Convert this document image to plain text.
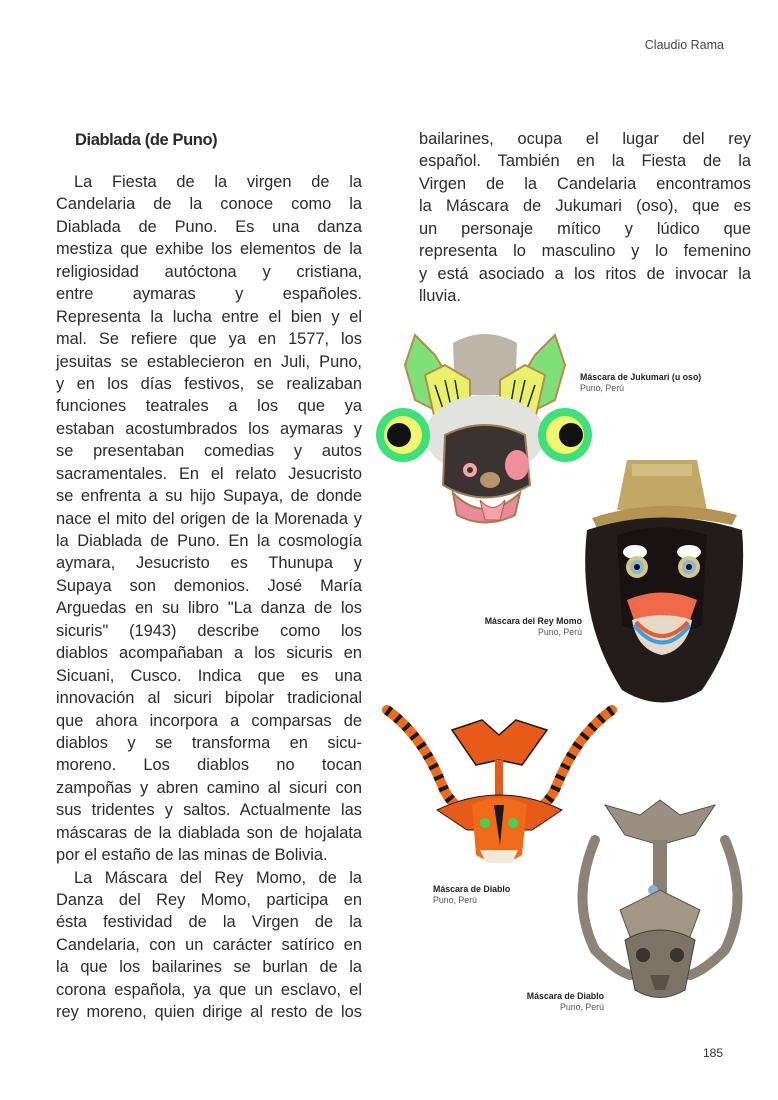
Claudio Rama
Diablada (de Puno)
La Fiesta de la virgen de la
Candelaria de la conoce como la
Diablada de Puno. Es una danza
mestiza que exhibe los elementos de la
religiosidad autóctona y cristiana,
entre aymaras y españoles.
Representa la lucha entre el bien y el
mal. Se refiere que ya en 1577, los
jesuitas se establecieron en Juli, Puno,
y en los días festivos, se realizaban
funciones teatrales a los que ya
estaban acostumbrados los aymaras y
se presentaban comedias y autos
sacramentales. En el relato Jesucristo
se enfrenta a su hijo Supaya, de donde
nace el mito del origen de la Morenada y
la Diablada de Puno. En la cosmología
aymara, Jesucristo es Thunupa y
Supaya son demonios. José María
Arguedas en su libro "La danza de los
sicuris" (1943) describe como los
diablos acompañaban a los sicuris en
Sicuani, Cusco. Indica que es una
innovación al sicuri bipolar tradicional
que ahora incorpora a comparsas de
diablos y se transforma en sicu-
moreno. Los diablos no tocan
zampoñas y abren camino al sicuri con
sus tridentes y saltos. Actualmente las
máscaras de la diablada son de hojalata
por el estaño de las minas de Bolivia.
La Máscara del Rey Momo, de la
Danza del Rey Momo, participa en
ésta festividad de la Virgen de la
Candelaria, con un carácter satírico en
la que los bailarines se burlan de la
corona española, ya que un esclavo, el
rey moreno, quien dirige al resto de los
bailarines, ocupa el lugar del rey
español. También en la Fiesta de la
Virgen de la Candelaria encontramos
la Máscara de Jukumari (oso), que es
un personaje mítico y lúdico que
representa lo masculino y lo femenino
y está asociado a los ritos de invocar la
lluvia.
Máscara de Jukumari (u oso)
Puno, Perú
Máscara del Rey Momo
Puno, Perú
Máscara de Diablo
Puno, Perú
Máscara de Diablo
Puno, Perú
185
